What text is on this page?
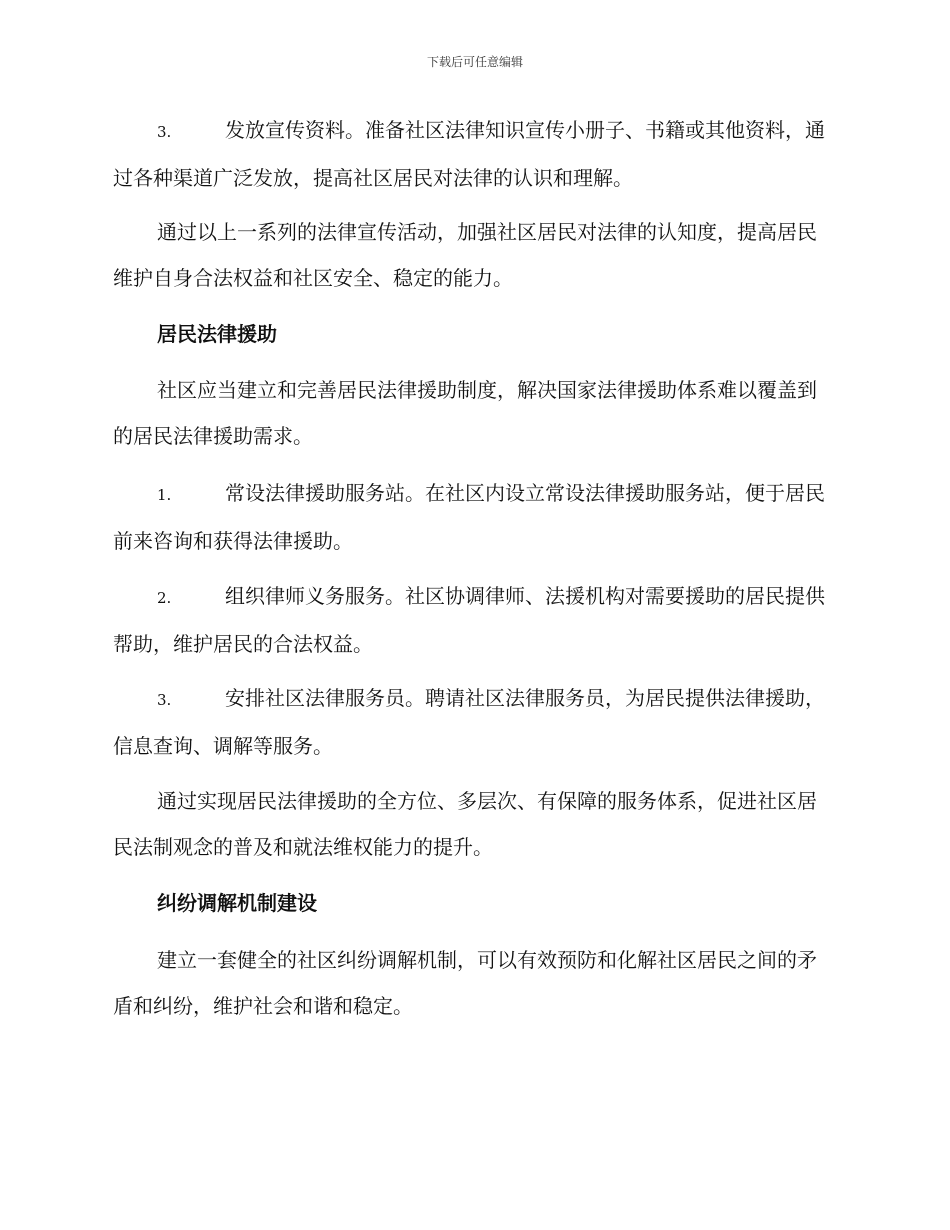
下载后可任意编辑

3.	发放宣传资料。准备社区法律知识宣传小册子、书籍或其他资料，通过各种渠道广泛发放，提高社区居民对法律的认识和理解。

通过以上一系列的法律宣传活动，加强社区居民对法律的认知度，提高居民维护自身合法权益和社区安全、稳定的能力。

居民法律援助

社区应当建立和完善居民法律援助制度，解决国家法律援助体系难以覆盖到的居民法律援助需求。

1.	常设法律援助服务站。在社区内设立常设法律援助服务站，便于居民前来咨询和获得法律援助。

2.	组织律师义务服务。社区协调律师、法援机构对需要援助的居民提供帮助，维护居民的合法权益。

3.	安排社区法律服务员。聘请社区法律服务员，为居民提供法律援助，信息查询、调解等服务。

通过实现居民法律援助的全方位、多层次、有保障的服务体系，促进社区居民法制观念的普及和就法维权能力的提升。

纠纷调解机制建设

建立一套健全的社区纠纷调解机制，可以有效预防和化解社区居民之间的矛盾和纠纷，维护社会和谐和稳定。
